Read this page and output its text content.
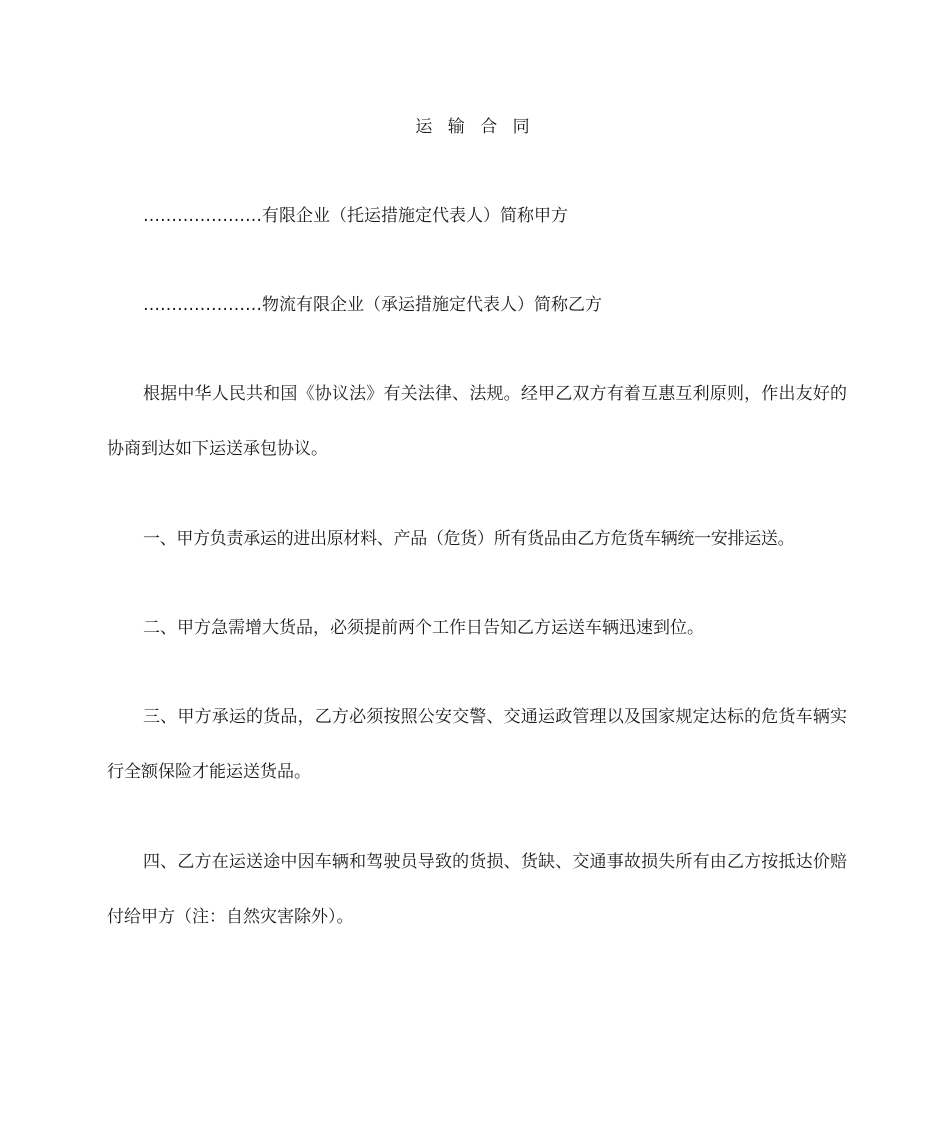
运 输 合 同

…………………有限企业（托运措施定代表人）简称甲方

…………………物流有限企业（承运措施定代表人）简称乙方

根据中华人民共和国《协议法》有关法律、法规。经甲乙双方有着互惠互利原则，作出友好的协商到达如下运送承包协议。

一、甲方负责承运的进出原材料、产品（危货）所有货品由乙方危货车辆统一安排运送。

二、甲方急需增大货品，必须提前两个工作日告知乙方运送车辆迅速到位。

三、甲方承运的货品，乙方必须按照公安交警、交通运政管理以及国家规定达标的危货车辆实行全额保险才能运送货品。

四、乙方在运送途中因车辆和驾驶员导致的货损、货缺、交通事故损失所有由乙方按抵达价赔付给甲方（注：自然灾害除外）。
